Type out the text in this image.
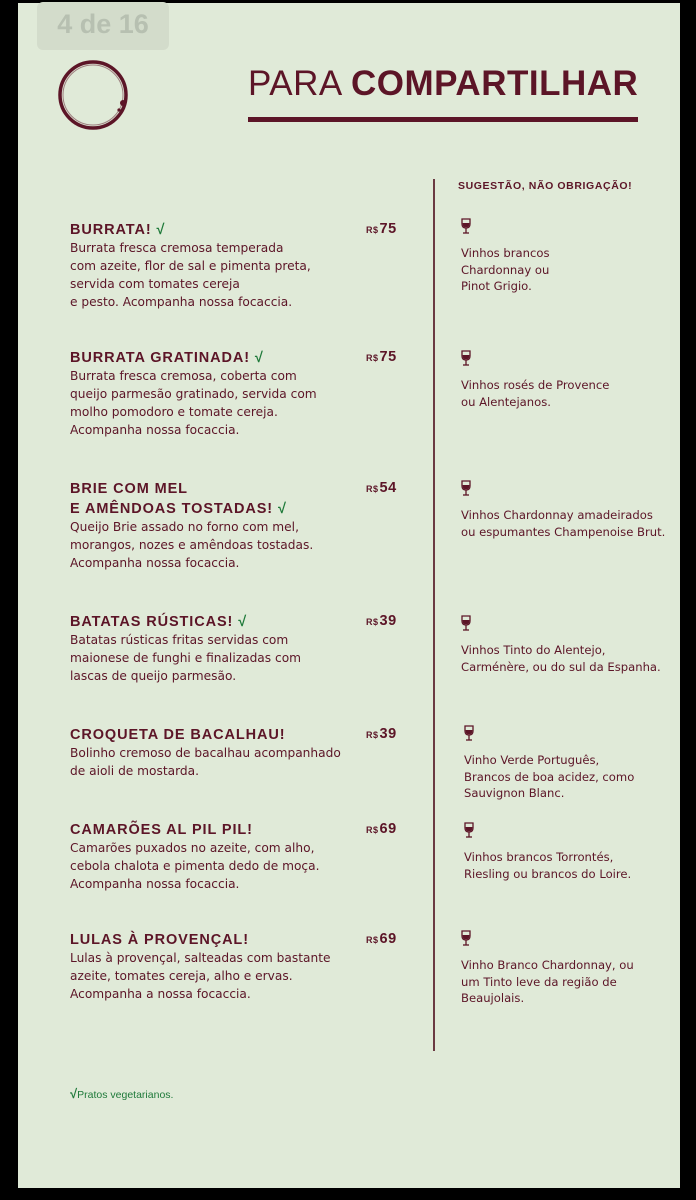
4 de 16
PARA COMPARTILHAR
SUGESTÃO, NÃO OBRIGAÇÃO!
BURRATA! √
Burrata fresca cremosa temperada
com azeite, flor de sal e pimenta preta,
servida com tomates cereja
e pesto. Acompanha nossa focaccia.
R$75
Vinhos brancos
Chardonnay ou
Pinot Grigio.
BURRATA GRATINADA! √
Burrata fresca cremosa, coberta com
queijo parmesão gratinado, servida com
molho pomodoro e tomate cereja.
Acompanha nossa focaccia.
R$75
Vinhos rosés de Provence
ou Alentejanos.
BRIE COM MEL
E AMÊNDOAS TOSTADAS! √
Queijo Brie assado no forno com mel,
morangos, nozes e amêndoas tostadas.
Acompanha nossa focaccia.
R$54
Vinhos Chardonnay amadeirados
ou espumantes Champenoise Brut.
BATATAS RÚSTICAS! √
Batatas rústicas fritas servidas com
maionese de funghi e finalizadas com
lascas de queijo parmesão.
R$39
Vinhos Tinto do Alentejo,
Carménère, ou do sul da Espanha.
CROQUETA DE BACALHAU!
Bolinho cremoso de bacalhau acompanhado
de aioli de mostarda.
R$39
Vinho Verde Português,
Brancos de boa acidez, como
Sauvignon Blanc.
CAMARÕES AL PIL PIL!
Camarões puxados no azeite, com alho,
cebola chalota e pimenta dedo de moça.
Acompanha nossa focaccia.
R$69
Vinhos brancos Torrontés,
Riesling ou brancos do Loire.
LULAS À PROVENÇAL!
Lulas à provençal, salteadas com bastante
azeite, tomates cereja, alho e ervas.
Acompanha a nossa focaccia.
R$69
Vinho Branco Chardonnay, ou
um Tinto leve da região de
Beaujolais.
√Pratos vegetarianos.
